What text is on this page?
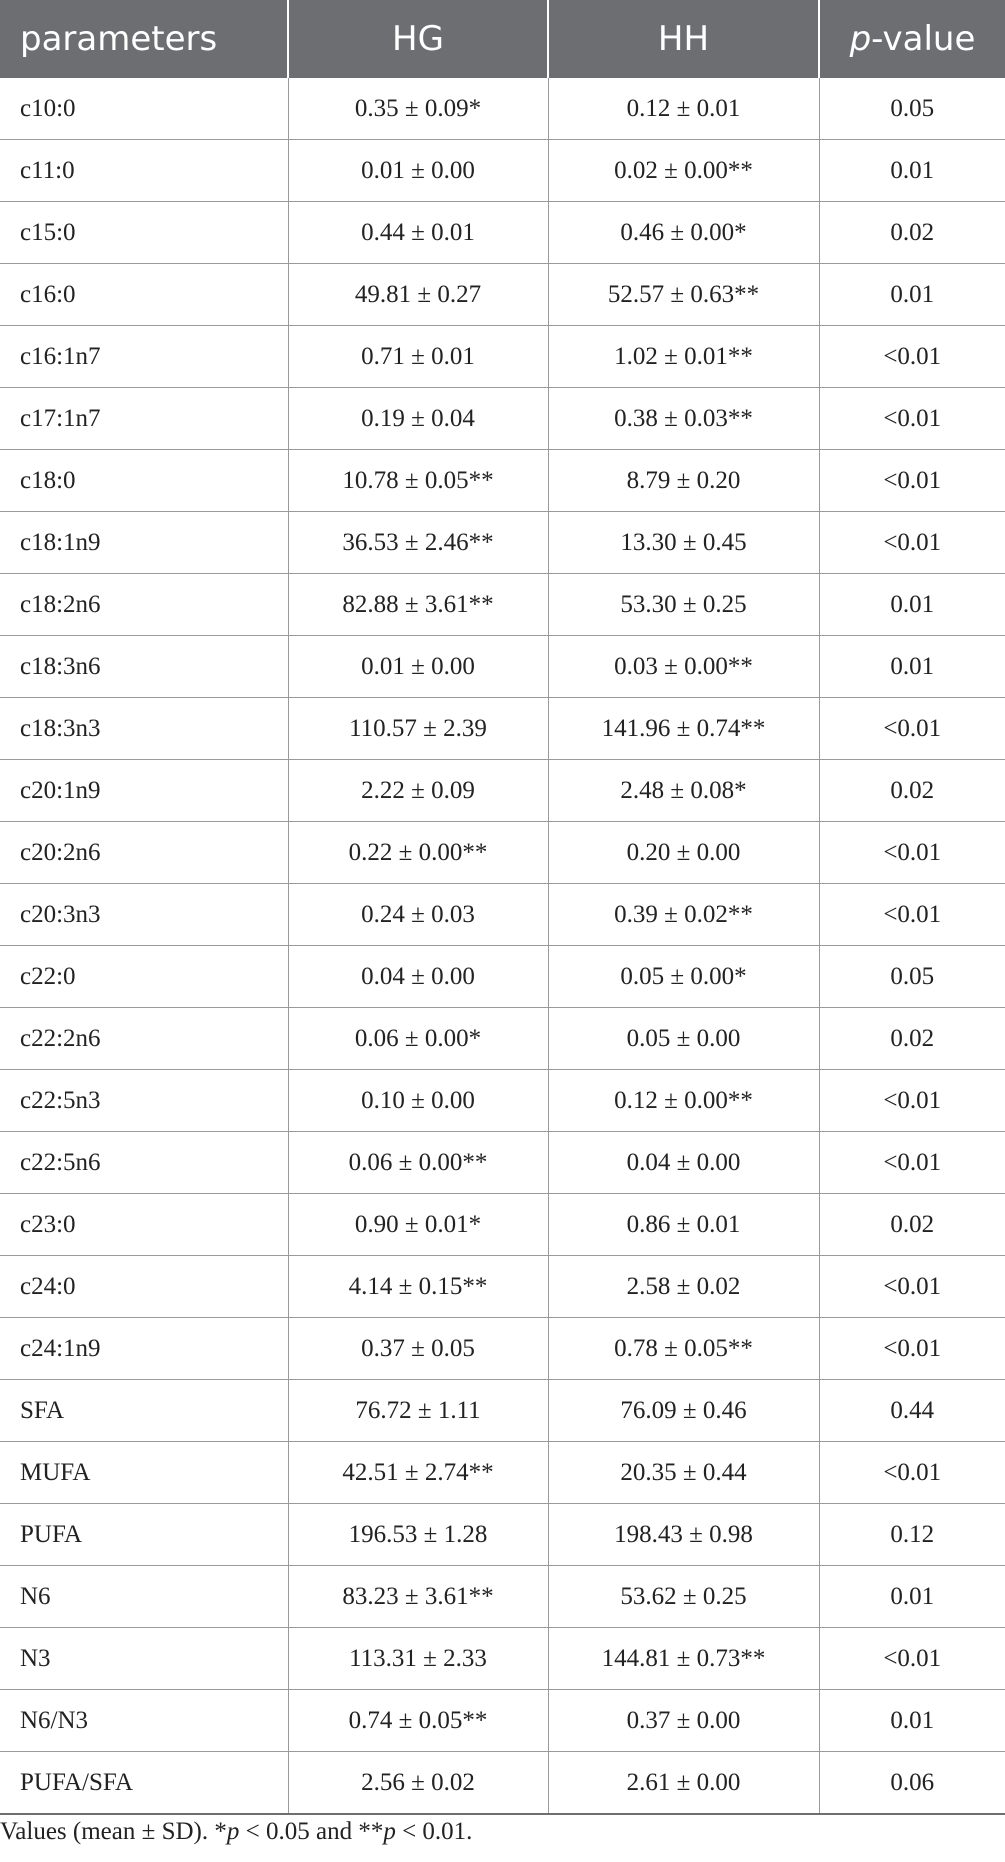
parameters	HG	HH	p-value
c10:0	0.35 ± 0.09*	0.12 ± 0.01	0.05
c11:0	0.01 ± 0.00	0.02 ± 0.00**	0.01
c15:0	0.44 ± 0.01	0.46 ± 0.00*	0.02
c16:0	49.81 ± 0.27	52.57 ± 0.63**	0.01
c16:1n7	0.71 ± 0.01	1.02 ± 0.01**	<0.01
c17:1n7	0.19 ± 0.04	0.38 ± 0.03**	<0.01
c18:0	10.78 ± 0.05**	8.79 ± 0.20	<0.01
c18:1n9	36.53 ± 2.46**	13.30 ± 0.45	<0.01
c18:2n6	82.88 ± 3.61**	53.30 ± 0.25	0.01
c18:3n6	0.01 ± 0.00	0.03 ± 0.00**	0.01
c18:3n3	110.57 ± 2.39	141.96 ± 0.74**	<0.01
c20:1n9	2.22 ± 0.09	2.48 ± 0.08*	0.02
c20:2n6	0.22 ± 0.00**	0.20 ± 0.00	<0.01
c20:3n3	0.24 ± 0.03	0.39 ± 0.02**	<0.01
c22:0	0.04 ± 0.00	0.05 ± 0.00*	0.05
c22:2n6	0.06 ± 0.00*	0.05 ± 0.00	0.02
c22:5n3	0.10 ± 0.00	0.12 ± 0.00**	<0.01
c22:5n6	0.06 ± 0.00**	0.04 ± 0.00	<0.01
c23:0	0.90 ± 0.01*	0.86 ± 0.01	0.02
c24:0	4.14 ± 0.15**	2.58 ± 0.02	<0.01
c24:1n9	0.37 ± 0.05	0.78 ± 0.05**	<0.01
SFA	76.72 ± 1.11	76.09 ± 0.46	0.44
MUFA	42.51 ± 2.74**	20.35 ± 0.44	<0.01
PUFA	196.53 ± 1.28	198.43 ± 0.98	0.12
N6	83.23 ± 3.61**	53.62 ± 0.25	0.01
N3	113.31 ± 2.33	144.81 ± 0.73**	<0.01
N6/N3	0.74 ± 0.05**	0.37 ± 0.00	0.01
PUFA/SFA	2.56 ± 0.02	2.61 ± 0.00	0.06
Values (mean ± SD). *p < 0.05 and **p < 0.01.
